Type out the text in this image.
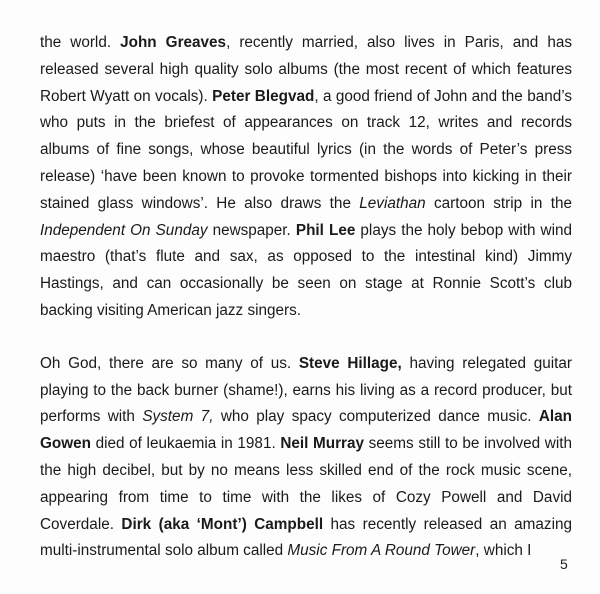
the world. John Greaves, recently married, also lives in Paris, and has released several high quality solo albums (the most recent of which features Robert Wyatt on vocals). Peter Blegvad, a good friend of John and the band’s who puts in the briefest of appearances on track 12, writes and records albums of fine songs, whose beautiful lyrics (in the words of Peter’s press release) ‘have been known to provoke tormented bishops into kicking in their stained glass windows’. He also draws the Leviathan cartoon strip in the Independent On Sunday newspaper. Phil Lee plays the holy bebop with wind maestro (that’s flute and sax, as opposed to the intestinal kind) Jimmy Hastings, and can occasionally be seen on stage at Ronnie Scott’s club backing visiting American jazz singers.

Oh God, there are so many of us. Steve Hillage, having relegated guitar playing to the back burner (shame!), earns his living as a record producer, but performs with System 7, who play spacy computerized dance music. Alan Gowen died of leukaemia in 1981. Neil Murray seems still to be involved with the high decibel, but by no means less skilled end of the rock music scene, appearing from time to time with the likes of Cozy Powell and David Coverdale. Dirk (aka ‘Mont’) Campbell has recently released an amazing multi-instrumental solo album called Music From A Round Tower, which I

5
